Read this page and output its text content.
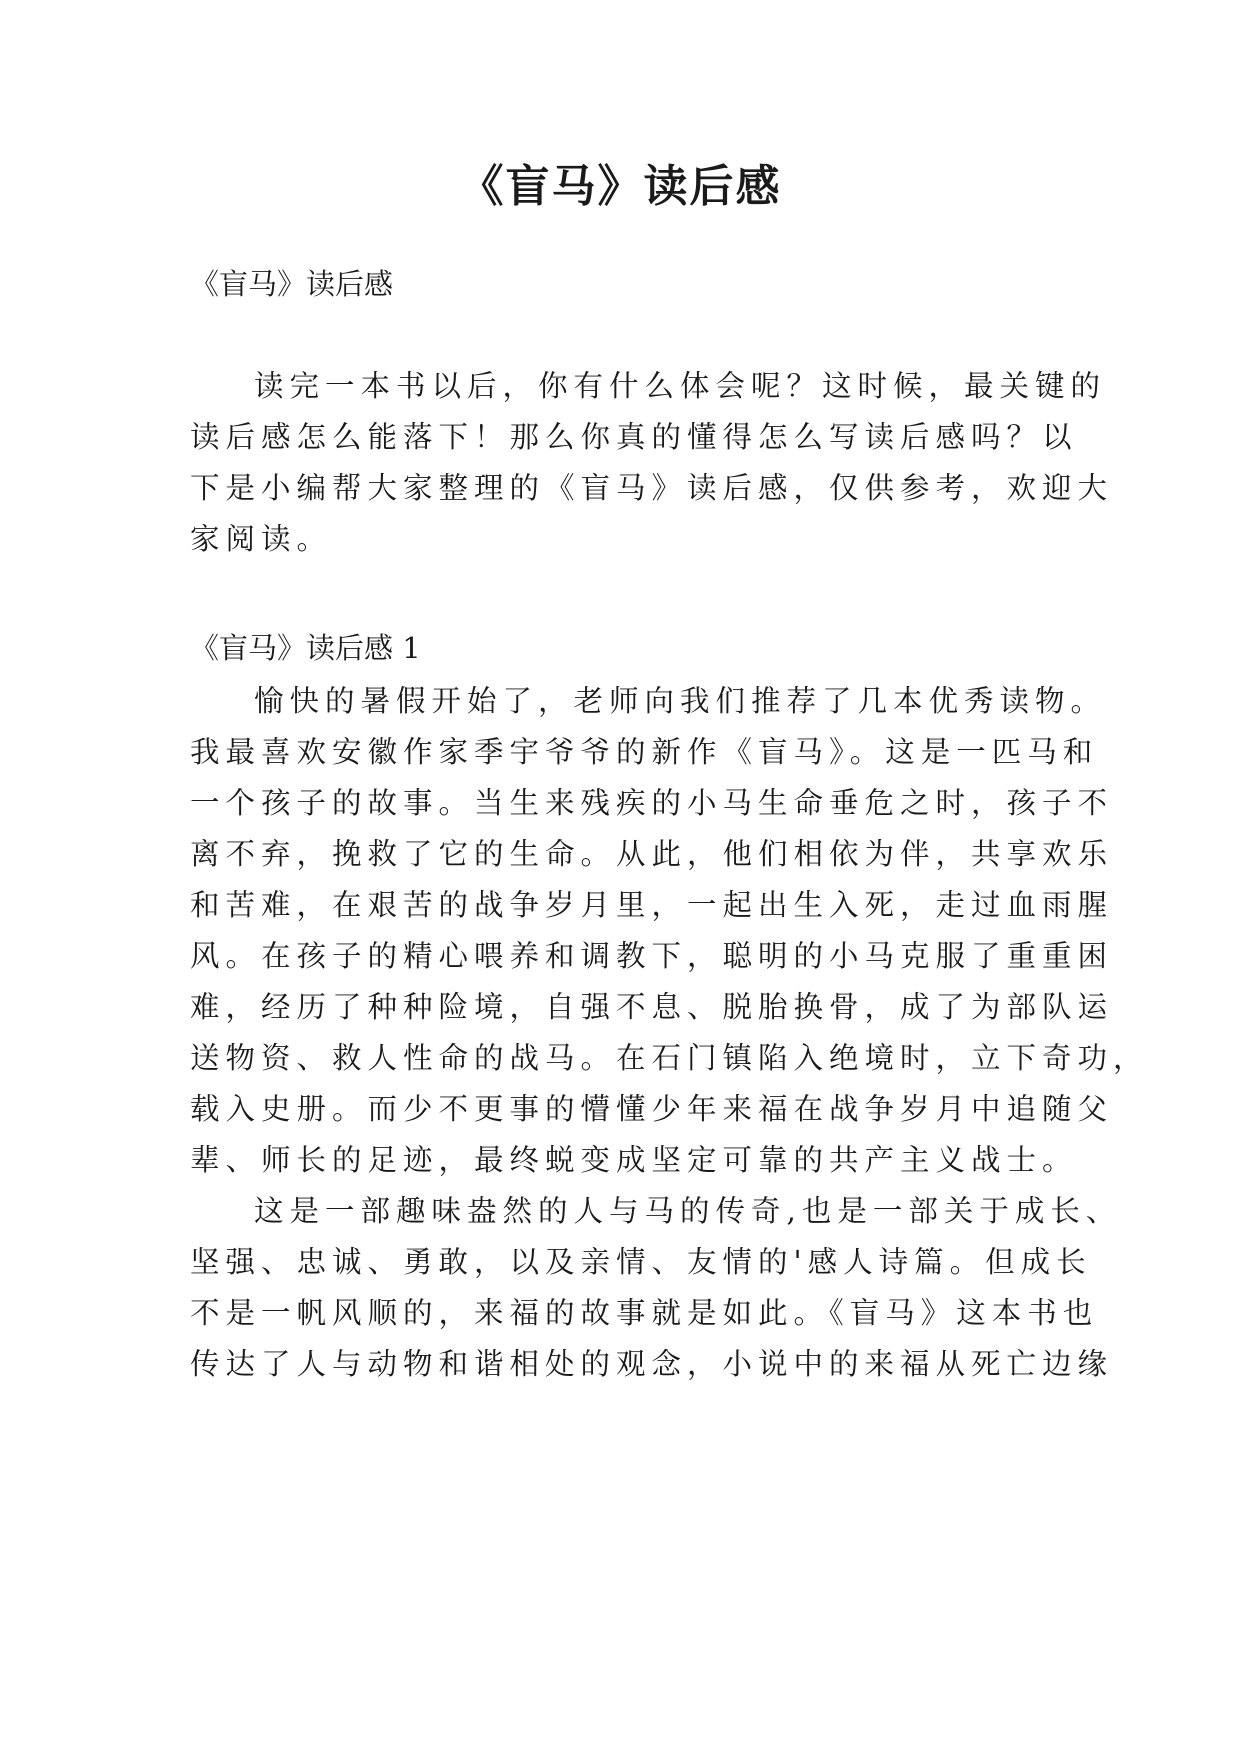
《盲马》读后感

《盲马》读后感

读完一本书以后，你有什么体会呢？这时候，最关键的

读后感怎么能落下！那么你真的懂得怎么写读后感吗？以

下是小编帮大家整理的《盲马》读后感，仅供参考，欢迎大

家阅读。

《盲马》读后感 1

愉快的暑假开始了，老师向我们推荐了几本优秀读物。

我最喜欢安徽作家季宇爷爷的新作《盲马》。这是一匹马和

一个孩子的故事。当生来残疾的小马生命垂危之时，孩子不

离不弃，挽救了它的生命。从此，他们相依为伴，共享欢乐

和苦难，在艰苦的战争岁月里，一起出生入死，走过血雨腥

风。在孩子的精心喂养和调教下，聪明的小马克服了重重困

难，经历了种种险境，自强不息、脱胎换骨，成了为部队运

送物资、救人性命的战马。在石门镇陷入绝境时，立下奇功，

载入史册。而少不更事的懵懂少年来福在战争岁月中追随父

辈、师长的足迹，最终蜕变成坚定可靠的共产主义战士。

这是一部趣味盎然的人与马的传奇,也是一部关于成长、

坚强、忠诚、勇敢，以及亲情、友情的'感人诗篇。但成长

不是一帆风顺的，来福的故事就是如此。《盲马》这本书也

传达了人与动物和谐相处的观念，小说中的来福从死亡边缘
